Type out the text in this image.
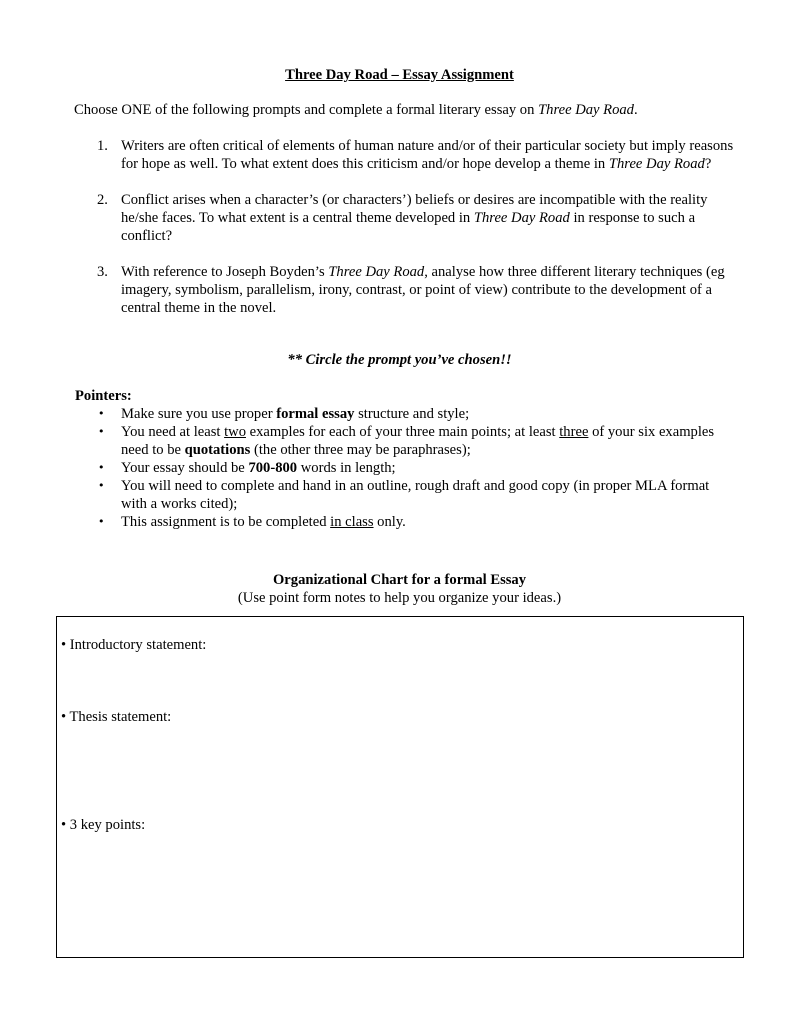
Three Day Road – Essay Assignment
Choose ONE of the following prompts and complete a formal literary essay on Three Day Road.
1. Writers are often critical of elements of human nature and/or of their particular society but imply reasons for hope as well. To what extent does this criticism and/or hope develop a theme in Three Day Road?
2. Conflict arises when a character’s (or characters’) beliefs or desires are incompatible with the reality he/she faces. To what extent is a central theme developed in Three Day Road in response to such a conflict?
3. With reference to Joseph Boyden’s Three Day Road, analyse how three different literary techniques (eg imagery, symbolism, parallelism, irony, contrast, or point of view) contribute to the development of a central theme in the novel.
** Circle the prompt you’ve chosen!!
Pointers:
• Make sure you use proper formal essay structure and style;
• You need at least two examples for each of your three main points; at least three of your six examples need to be quotations (the other three may be paraphrases);
• Your essay should be 700-800 words in length;
• You will need to complete and hand in an outline, rough draft and good copy (in proper MLA format with a works cited);
• This assignment is to be completed in class only.
Organizational Chart for a formal Essay
(Use point form notes to help you organize your ideas.)
• Introductory statement:
• Thesis statement:
• 3 key points:
